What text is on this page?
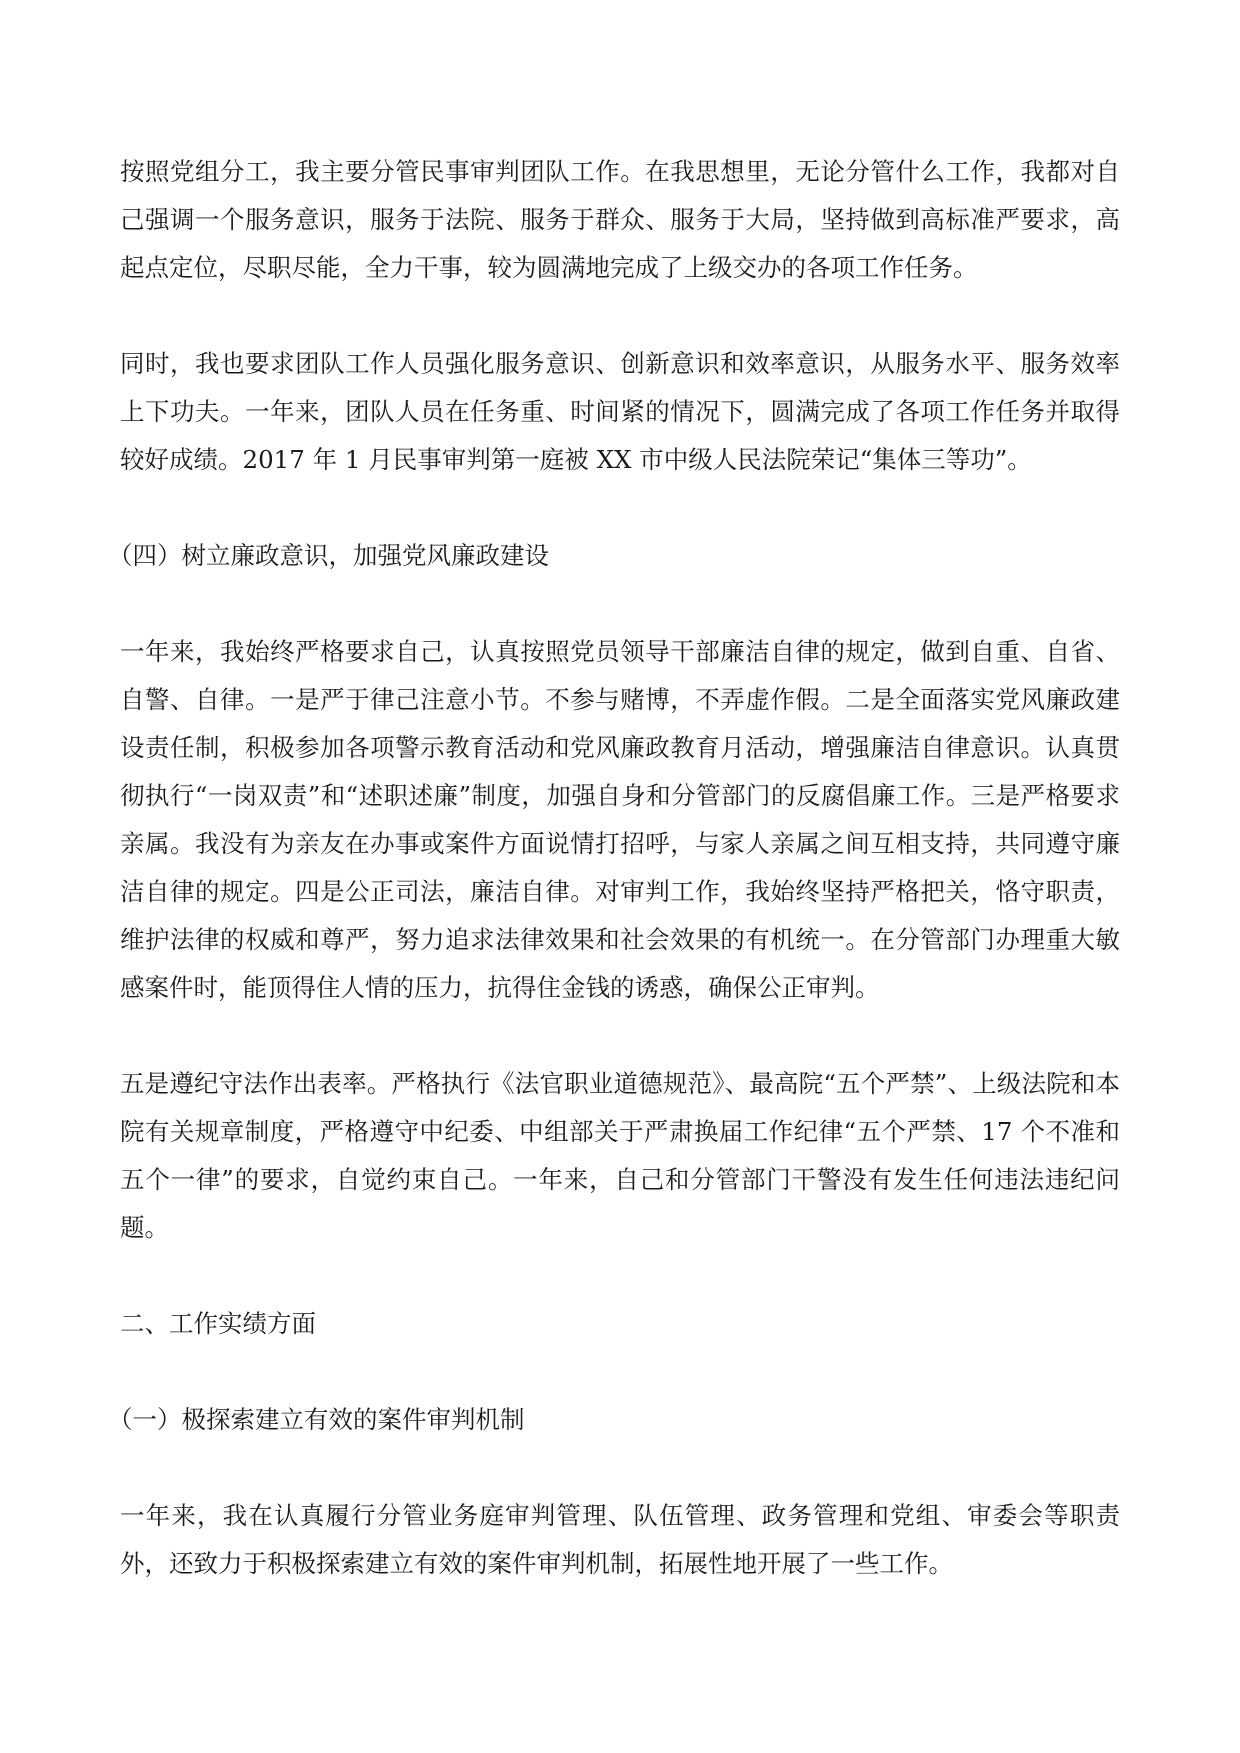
按照党组分工，我主要分管民事审判团队工作。在我思想里，无论分管什么工作，我都对自己强调一个服务意识，服务于法院、服务于群众、服务于大局，坚持做到高标准严要求，高起点定位，尽职尽能，全力干事，较为圆满地完成了上级交办的各项工作任务。

同时，我也要求团队工作人员强化服务意识、创新意识和效率意识，从服务水平、服务效率上下功夫。一年来，团队人员在任务重、时间紧的情况下，圆满完成了各项工作任务并取得较好成绩。2017 年 1 月民事审判第一庭被 XX 市中级人民法院荣记“集体三等功”。

（四）树立廉政意识，加强党风廉政建设

一年来，我始终严格要求自己，认真按照党员领导干部廉洁自律的规定，做到自重、自省、自警、自律。一是严于律己注意小节。不参与赌博，不弄虚作假。二是全面落实党风廉政建设责任制，积极参加各项警示教育活动和党风廉政教育月活动，增强廉洁自律意识。认真贯彻执行“一岗双责”和“述职述廉”制度，加强自身和分管部门的反腐倡廉工作。三是严格要求亲属。我没有为亲友在办事或案件方面说情打招呼，与家人亲属之间互相支持，共同遵守廉洁自律的规定。四是公正司法，廉洁自律。对审判工作，我始终坚持严格把关，恪守职责，维护法律的权威和尊严，努力追求法律效果和社会效果的有机统一。在分管部门办理重大敏感案件时，能顶得住人情的压力，抗得住金钱的诱惑，确保公正审判。

五是遵纪守法作出表率。严格执行《法官职业道德规范》、最高院“五个严禁”、上级法院和本院有关规章制度，严格遵守中纪委、中组部关于严肃换届工作纪律“五个严禁、17 个不准和五个一律”的要求，自觉约束自己。一年来，自己和分管部门干警没有发生任何违法违纪问题。

二、工作实绩方面

（一）极探索建立有效的案件审判机制

一年来，我在认真履行分管业务庭审判管理、队伍管理、政务管理和党组、审委会等职责外，还致力于积极探索建立有效的案件审判机制，拓展性地开展了一些工作。
